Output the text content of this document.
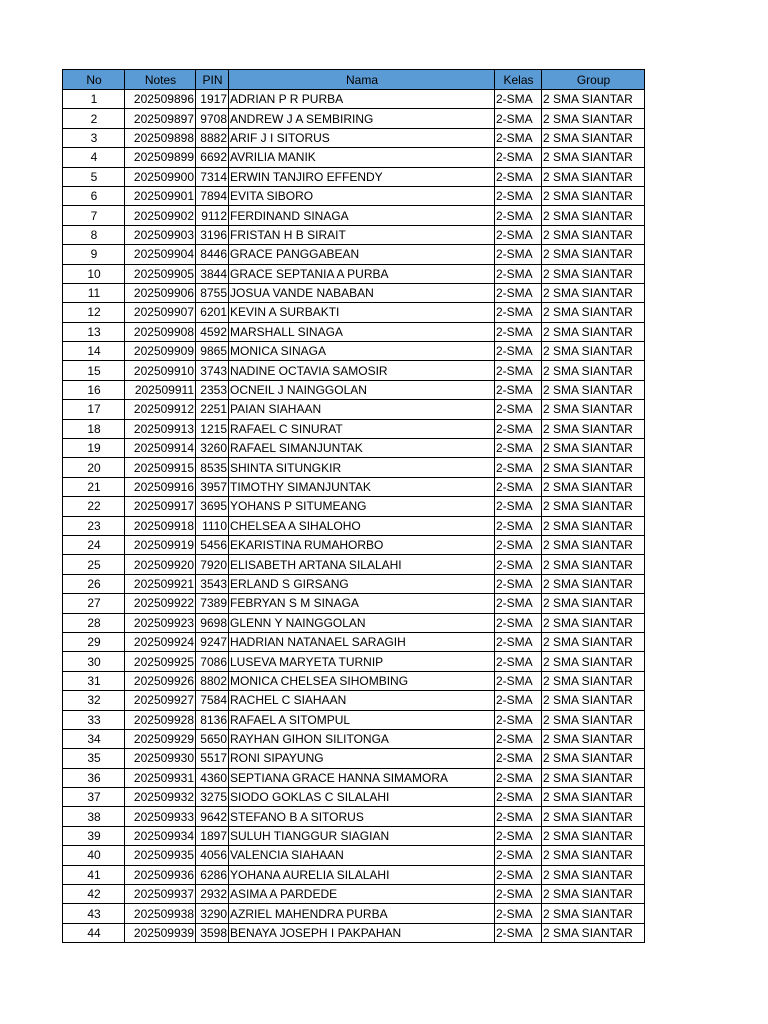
No	Notes	PIN	Nama	Kelas	Group
1	202509896	1917	ADRIAN P R PURBA	2-SMA	2 SMA SIANTAR
2	202509897	9708	ANDREW J A SEMBIRING	2-SMA	2 SMA SIANTAR
3	202509898	8882	ARIF J I SITORUS	2-SMA	2 SMA SIANTAR
4	202509899	6692	AVRILIA MANIK	2-SMA	2 SMA SIANTAR
5	202509900	7314	ERWIN TANJIRO EFFENDY	2-SMA	2 SMA SIANTAR
6	202509901	7894	EVITA SIBORO	2-SMA	2 SMA SIANTAR
7	202509902	9112	FERDINAND SINAGA	2-SMA	2 SMA SIANTAR
8	202509903	3196	FRISTAN H B SIRAIT	2-SMA	2 SMA SIANTAR
9	202509904	8446	GRACE PANGGABEAN	2-SMA	2 SMA SIANTAR
10	202509905	3844	GRACE SEPTANIA A PURBA	2-SMA	2 SMA SIANTAR
11	202509906	8755	JOSUA VANDE NABABAN	2-SMA	2 SMA SIANTAR
12	202509907	6201	KEVIN A SURBAKTI	2-SMA	2 SMA SIANTAR
13	202509908	4592	MARSHALL SINAGA	2-SMA	2 SMA SIANTAR
14	202509909	9865	MONICA SINAGA	2-SMA	2 SMA SIANTAR
15	202509910	3743	NADINE OCTAVIA SAMOSIR	2-SMA	2 SMA SIANTAR
16	202509911	2353	OCNEIL J NAINGGOLAN	2-SMA	2 SMA SIANTAR
17	202509912	2251	PAIAN SIAHAAN	2-SMA	2 SMA SIANTAR
18	202509913	1215	RAFAEL C SINURAT	2-SMA	2 SMA SIANTAR
19	202509914	3260	RAFAEL SIMANJUNTAK	2-SMA	2 SMA SIANTAR
20	202509915	8535	SHINTA SITUNGKIR	2-SMA	2 SMA SIANTAR
21	202509916	3957	TIMOTHY SIMANJUNTAK	2-SMA	2 SMA SIANTAR
22	202509917	3695	YOHANS P SITUMEANG	2-SMA	2 SMA SIANTAR
23	202509918	1110	CHELSEA A SIHALOHO	2-SMA	2 SMA SIANTAR
24	202509919	5456	EKARISTINA RUMAHORBO	2-SMA	2 SMA SIANTAR
25	202509920	7920	ELISABETH ARTANA SILALAHI	2-SMA	2 SMA SIANTAR
26	202509921	3543	ERLAND S GIRSANG	2-SMA	2 SMA SIANTAR
27	202509922	7389	FEBRYAN S M SINAGA	2-SMA	2 SMA SIANTAR
28	202509923	9698	GLENN Y NAINGGOLAN	2-SMA	2 SMA SIANTAR
29	202509924	9247	HADRIAN NATANAEL SARAGIH	2-SMA	2 SMA SIANTAR
30	202509925	7086	LUSEVA MARYETA TURNIP	2-SMA	2 SMA SIANTAR
31	202509926	8802	MONICA CHELSEA SIHOMBING	2-SMA	2 SMA SIANTAR
32	202509927	7584	RACHEL C SIAHAAN	2-SMA	2 SMA SIANTAR
33	202509928	8136	RAFAEL A SITOMPUL	2-SMA	2 SMA SIANTAR
34	202509929	5650	RAYHAN GIHON SILITONGA	2-SMA	2 SMA SIANTAR
35	202509930	5517	RONI SIPAYUNG	2-SMA	2 SMA SIANTAR
36	202509931	4360	SEPTIANA GRACE HANNA SIMAMORA	2-SMA	2 SMA SIANTAR
37	202509932	3275	SIODO GOKLAS C SILALAHI	2-SMA	2 SMA SIANTAR
38	202509933	9642	STEFANO B A SITORUS	2-SMA	2 SMA SIANTAR
39	202509934	1897	SULUH TIANGGUR SIAGIAN	2-SMA	2 SMA SIANTAR
40	202509935	4056	VALENCIA SIAHAAN	2-SMA	2 SMA SIANTAR
41	202509936	6286	YOHANA AURELIA SILALAHI	2-SMA	2 SMA SIANTAR
42	202509937	2932	ASIMA A PARDEDE	2-SMA	2 SMA SIANTAR
43	202509938	3290	AZRIEL MAHENDRA PURBA	2-SMA	2 SMA SIANTAR
44	202509939	3598	BENAYA JOSEPH I PAKPAHAN	2-SMA	2 SMA SIANTAR
